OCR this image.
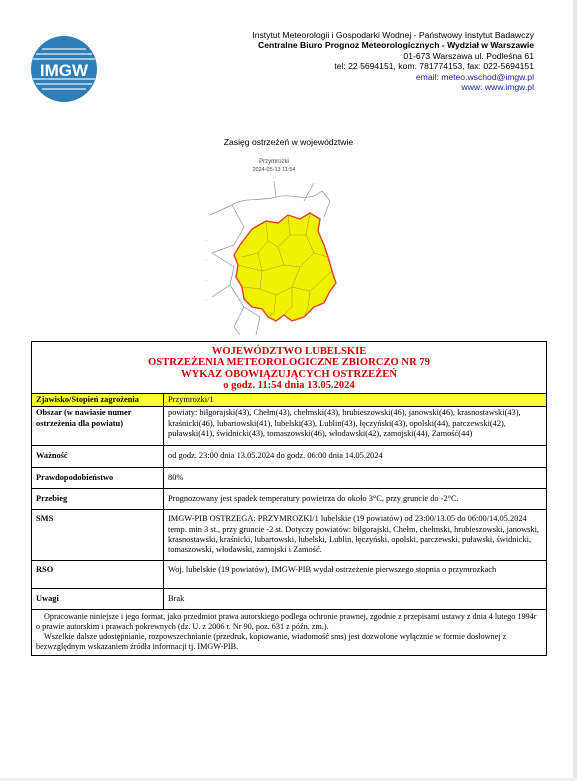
IMGW
Instytut Meteorologii i Gospodarki Wodnej - Państwowy Instytut Badawczy
Centralne Biuro Prognoz Meteorologicznych - Wydział w Warszawie
01-673 Warszawa ul. Podleśna 61
tel: 22 5694151, kom. 781774153, fax: 022-5694151
email: meteo.wschod@imgw.pl
www: www.imgw.pl
Zasięg ostrzeżeń w województwie
Przymrozki
2024-05-13 11:54
--
--
--
--
WOJEWÓDZTWO LUBELSKIE
OSTRZEŻENIA METEOROLOGICZNE ZBIORCZO NR 79
WYKAZ OBOWIĄZUJĄCYCH OSTRZEŻEŃ
o godz. 11:54 dnia 13.05.2024	

Zjawisko/Stopień zagrożenia	Przymrozki/1
Obszar (w nawiasie numer ostrzeżenia dla powiatu)	powiaty: biłgorajski(43), Chełm(43), chełmski(43), hrubieszowski(46), janowski(46), krasnostawski(43), kraśnicki(46), lubartowski(41), lubelski(43), Lublin(43), łęczyński(43), opolski(44), parczewski(42), puławski(41), świdnicki(43), tomaszowski(46), włodawski(42), zamojski(44), Zamość(44)
Ważność	od godz. 23:00 dnia 13.05.2024 do godz. 06:00 dnia 14.05.2024
Prawdopodobieństwo	80%
Przebieg	Prognozowany jest spadek temperatury powietrza do około 3°C, przy gruncie do -2°C.
SMS	IMGW-PIB OSTRZEGA: PRZYMROZKI/1 lubelskie (19 powiatów) od 23:00/13.05 do 06:00/14.05.2024 temp. min 3 st., przy gruncie -2 st. Dotyczy powiatów: biłgorajski, Chełm, chełmski, hrubieszowski, janowski, krasnostawski, kraśnicki, lubartowski, lubelski, Lublin, łęczyński, opolski, parczewski, puławski, świdnicki, tomaszowski, włodawski, zamojski i Zamość.
RSO	Woj. lubelskie (19 powiatów), IMGW-PIB wydał ostrzeżenie pierwszego stopnia o przymrozkach
Uwagi	Brak

Opracowanie niniejsze i jego format, jako przedmiot prawa autorskiego podlega ochronie prawnej, zgodnie z przepisami ustawy z dnia 4 lutego 1994r o prawie autorskim i prawach pokrewnych (dz. U. z 2006 r. Nr 90, poz. 631 z późn. zm.).
Wszelkie dalsze udostępnianie, rozpowszechnianie (przedruk, kopiowanie, wiadomość sms) jest dozwolone wyłącznie w formie dosłownej z bezwzględnym wskazaniem źródła informacji tj. IMGW-PIB.	
